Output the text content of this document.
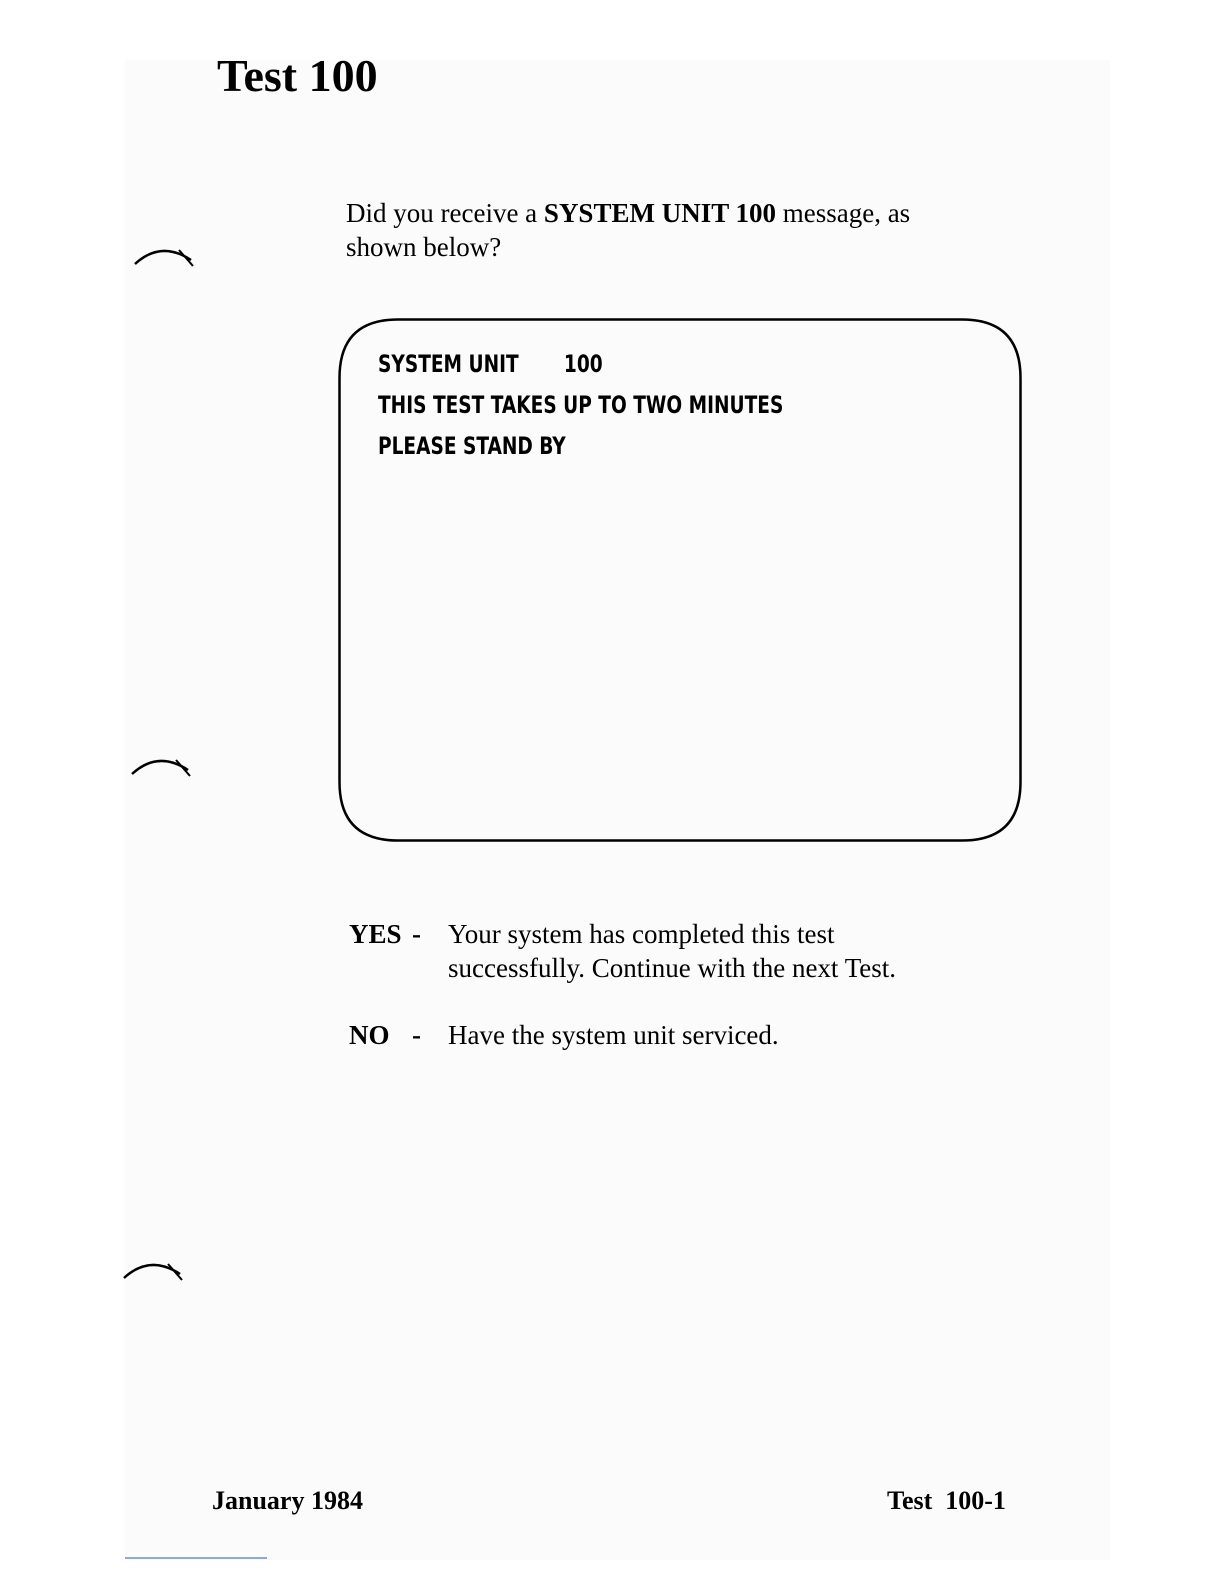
Test 100

Did you receive a SYSTEM UNIT 100 message, as shown below?

SYSTEM UNIT       100
THIS TEST TAKES UP TO TWO MINUTES
PLEASE STAND BY
YES - Your system has completed this test
successfully. Continue with the next Test.
NO - Have the system unit serviced.
January 1984	Test  100-1
